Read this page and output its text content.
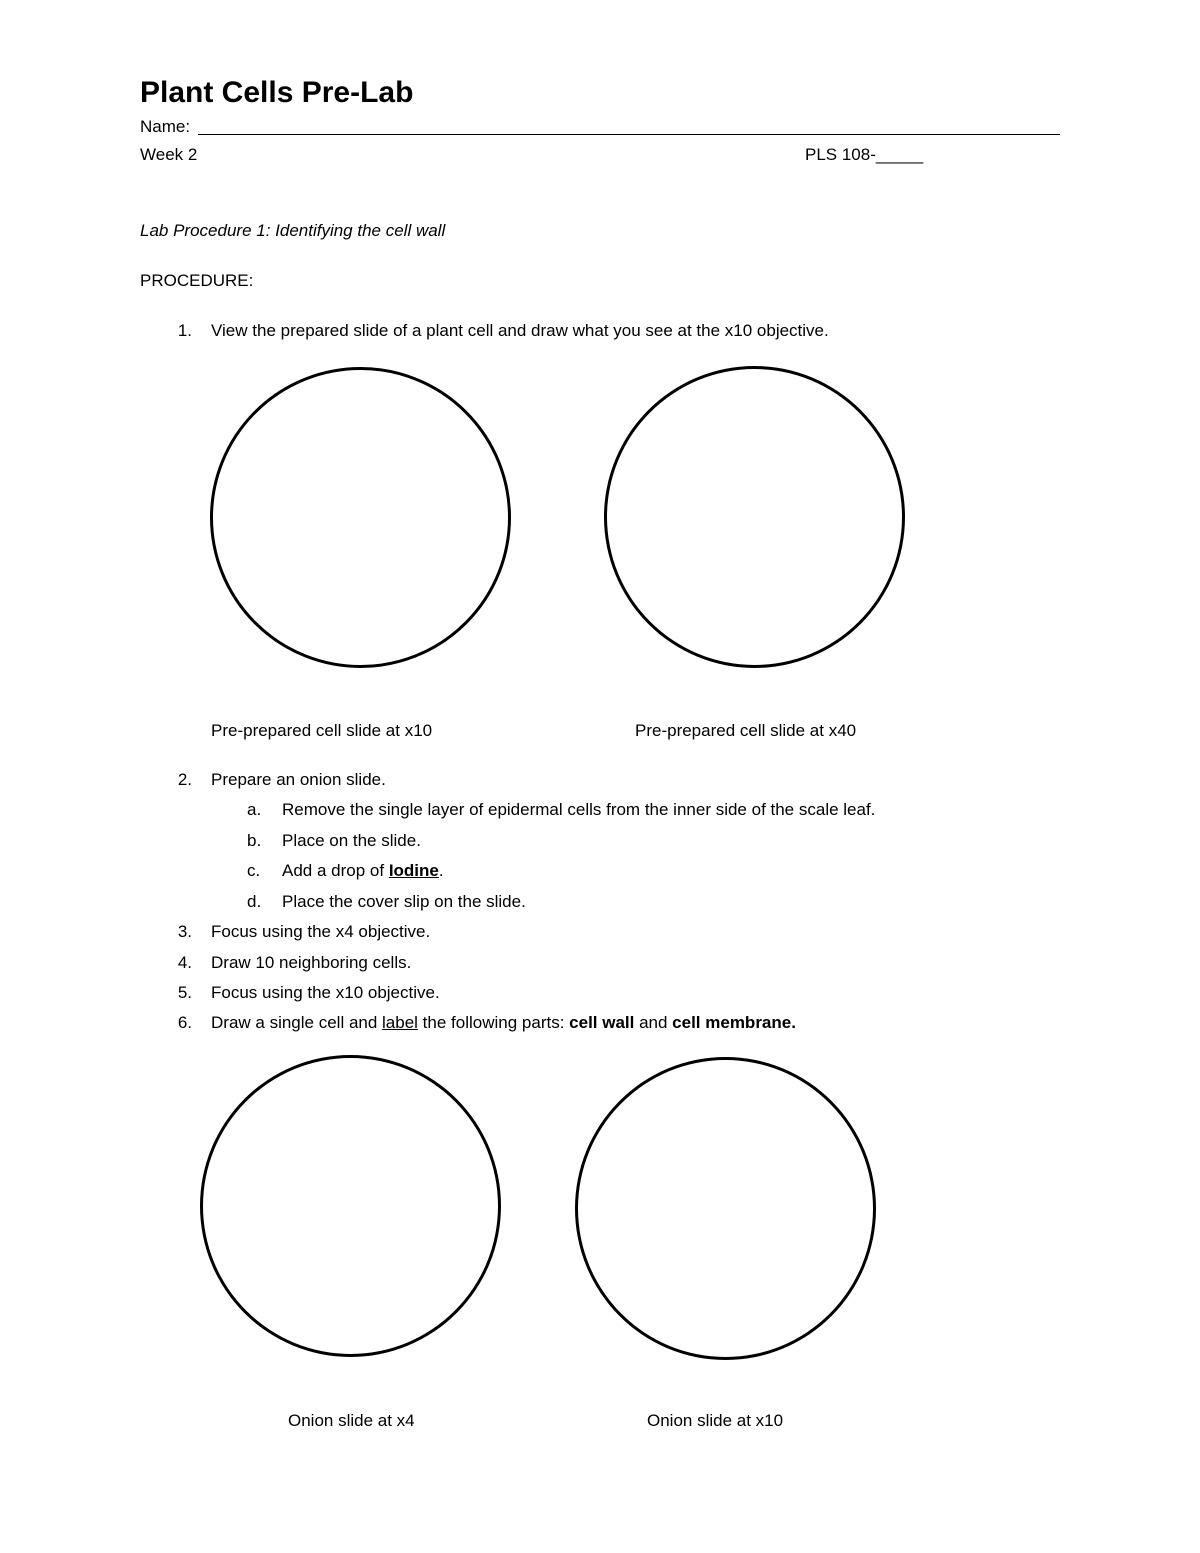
Plant Cells Pre-Lab
Name:
Week 2	PLS 108-_____
Lab Procedure 1: Identifying the cell wall
PROCEDURE:
1. View the prepared slide of a plant cell and draw what you see at the x10 objective.
Pre-prepared cell slide at x10	Pre-prepared cell slide at x40
2. Prepare an onion slide.
a. Remove the single layer of epidermal cells from the inner side of the scale leaf.
b. Place on the slide.
c. Add a drop of Iodine.
d. Place the cover slip on the slide.
3. Focus using the x4 objective.
4. Draw 10 neighboring cells.
5. Focus using the x10 objective.
6. Draw a single cell and label the following parts: cell wall and cell membrane.
Onion slide at x4	Onion slide at x10
